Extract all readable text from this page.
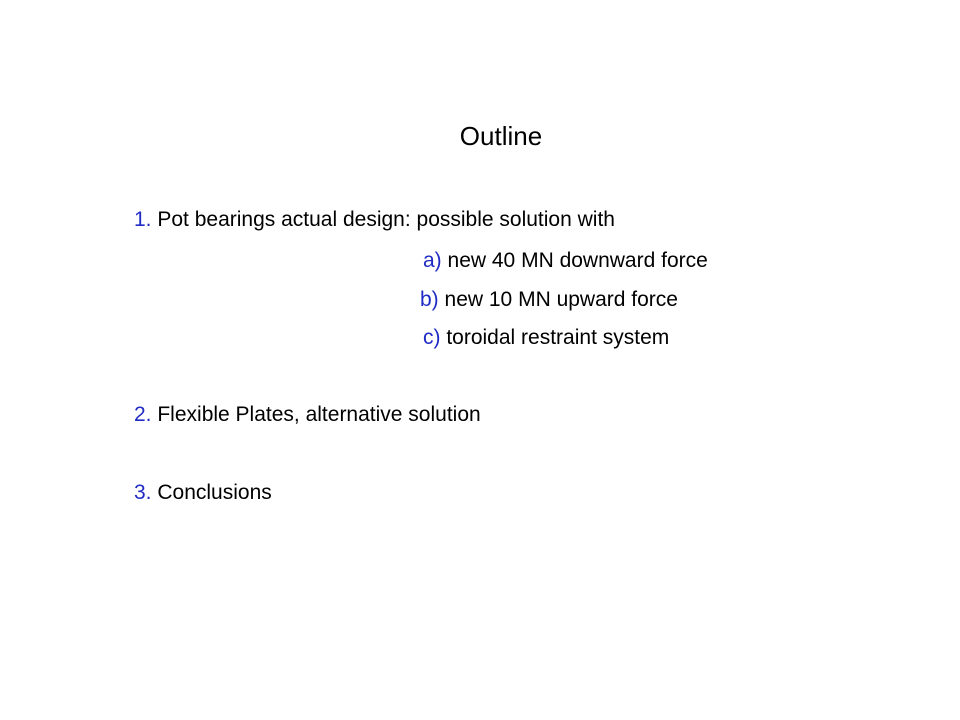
Outline
1. Pot bearings actual design: possible solution with
a) new 40 MN downward force
b) new 10 MN upward force
c) toroidal restraint system
2. Flexible Plates, alternative solution
3. Conclusions
